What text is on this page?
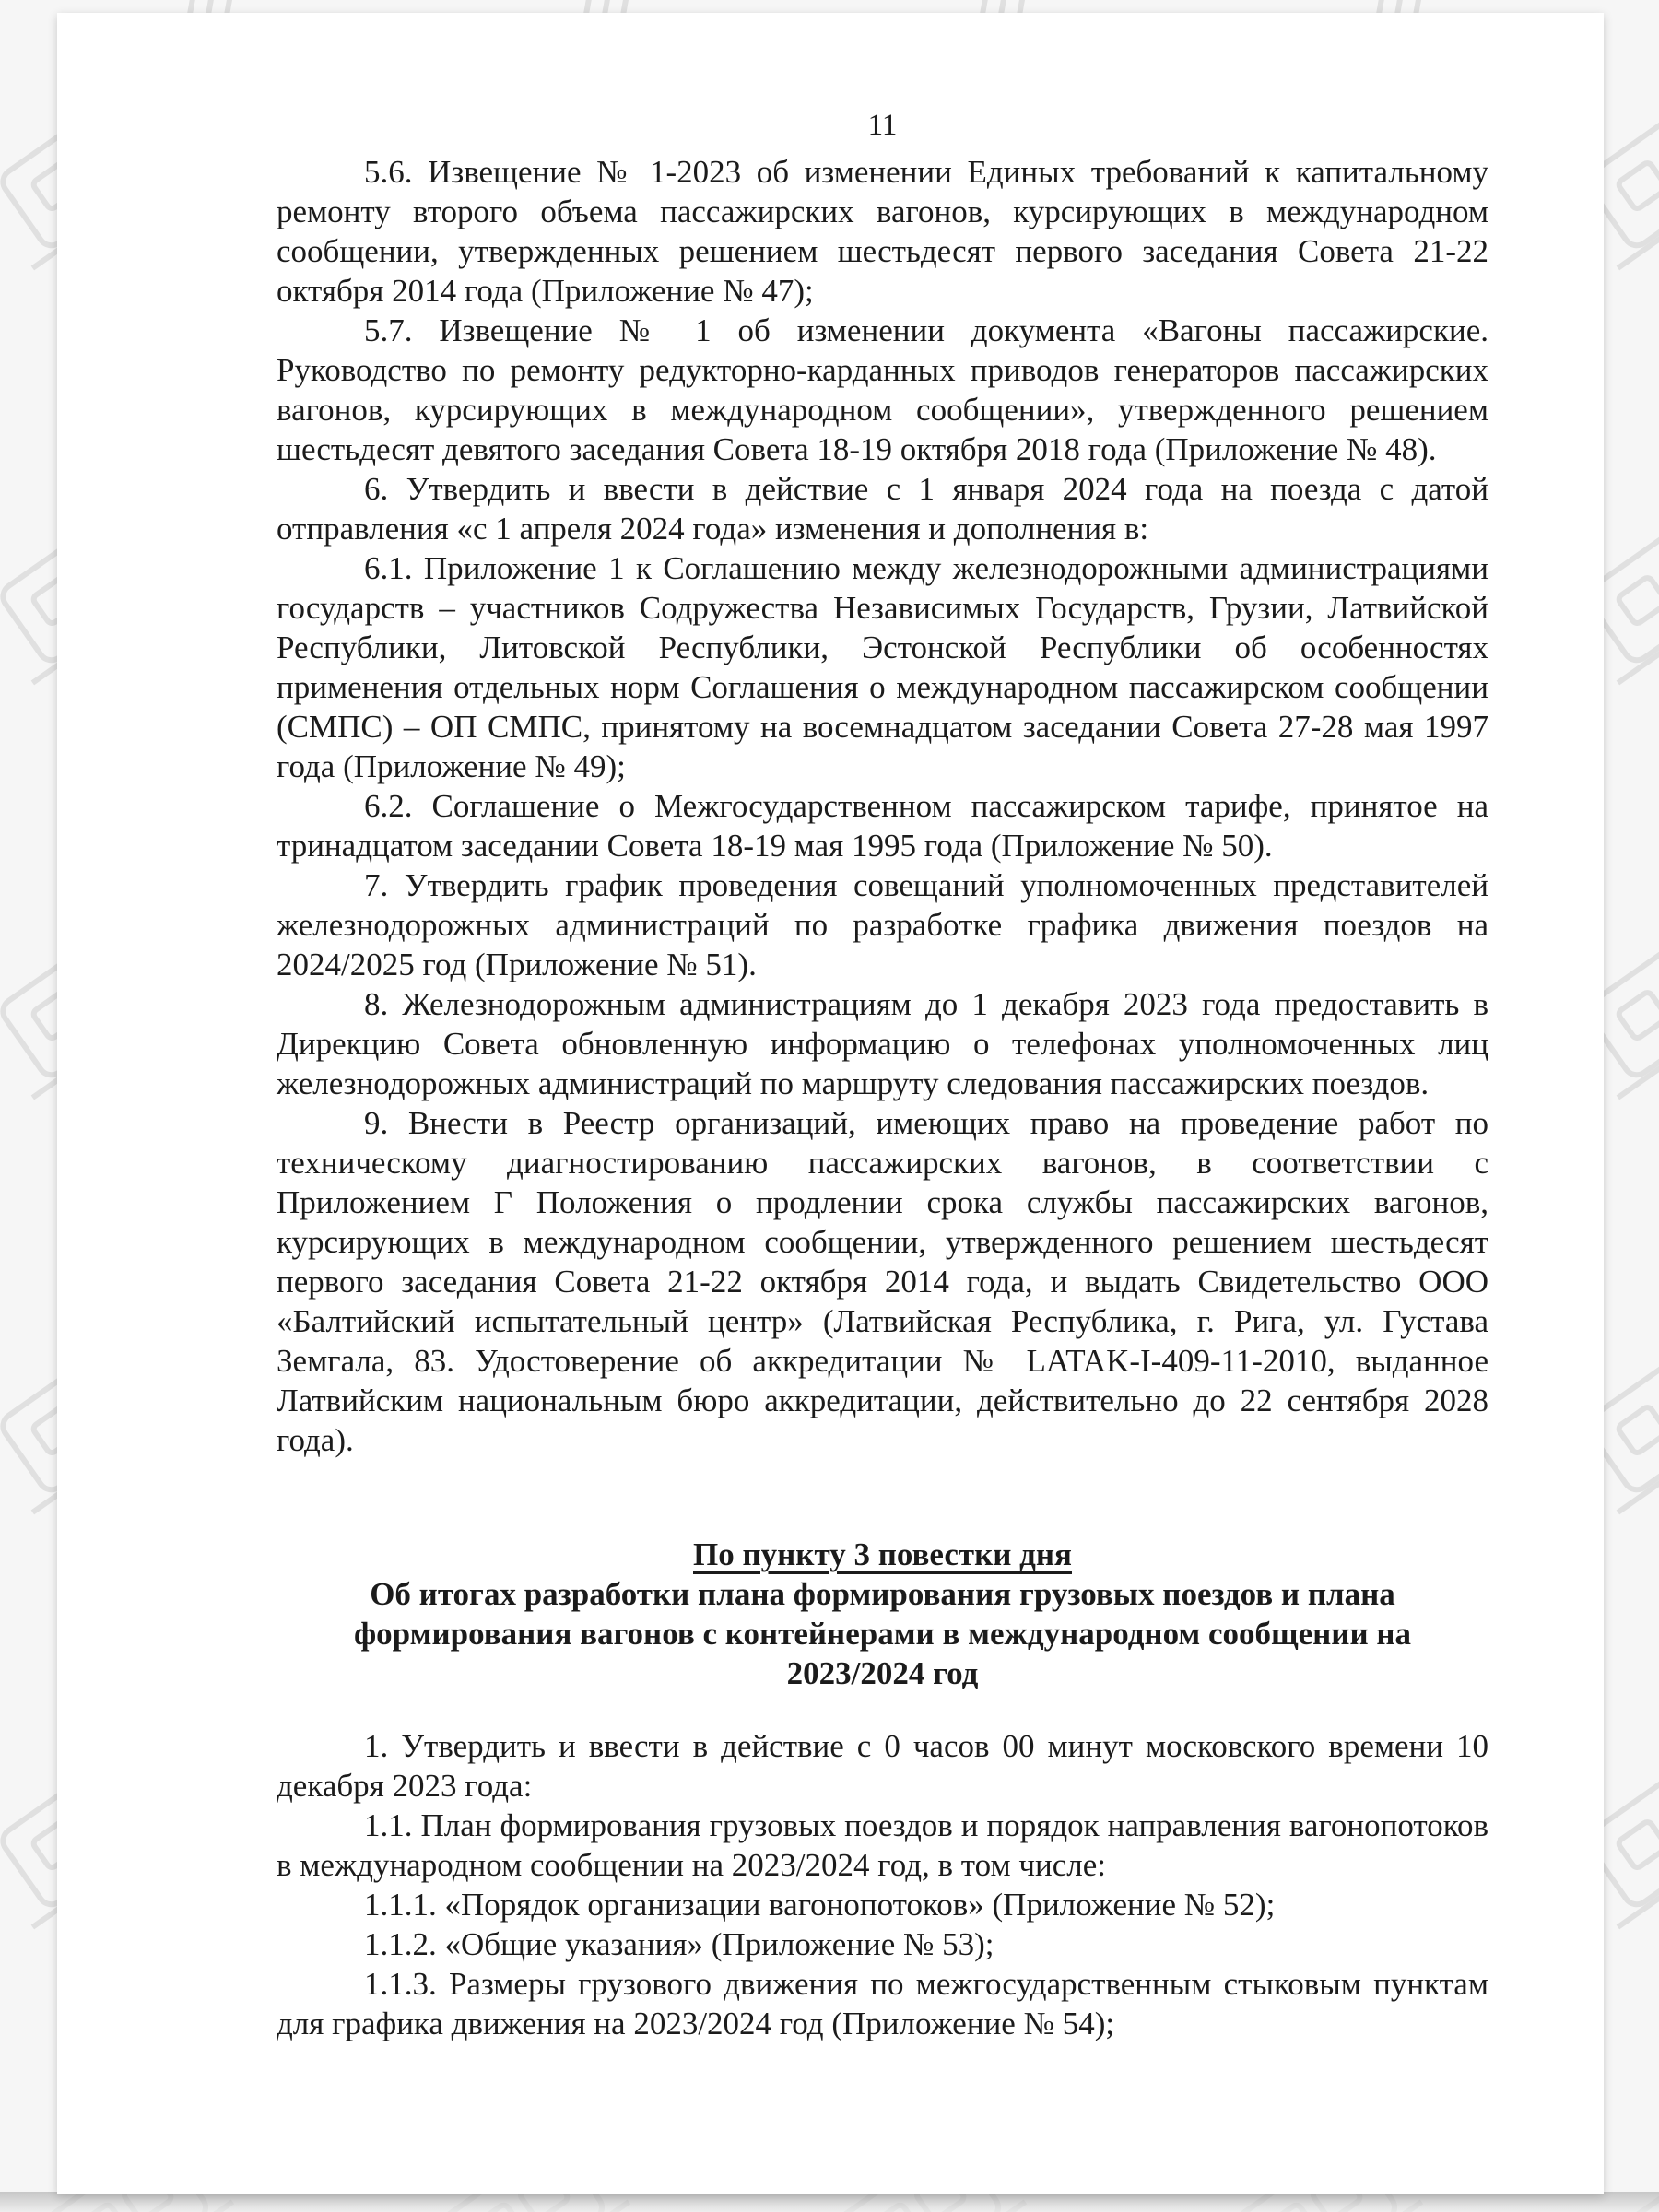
11

5.6. Извещение № 1-2023 об изменении Единых требований к капитальному ремонту второго объема пассажирских вагонов, курсирующих в международном сообщении, утвержденных решением шестьдесят первого заседания Совета 21-22 октября 2014 года (Приложение № 47);

5.7. Извещение № 1 об изменении документа «Вагоны пассажирские. Руководство по ремонту редукторно-карданных приводов генераторов пассажирских вагонов, курсирующих в международном сообщении», утвержденного решением шестьдесят девятого заседания Совета 18-19 октября 2018 года (Приложение № 48).

6. Утвердить и ввести в действие с 1 января 2024 года на поезда с датой отправления «с 1 апреля 2024 года» изменения и дополнения в:

6.1. Приложение 1 к Соглашению между железнодорожными администрациями государств – участников Содружества Независимых Государств, Грузии, Латвийской Республики, Литовской Республики, Эстонской Республики об особенностях применения отдельных норм Соглашения о международном пассажирском сообщении (СМПС) – ОП СМПС, принятому на восемнадцатом заседании Совета 27-28 мая 1997 года (Приложение № 49);

6.2. Соглашение о Межгосударственном пассажирском тарифе, принятое на тринадцатом заседании Совета 18-19 мая 1995 года (Приложение № 50).

7. Утвердить график проведения совещаний уполномоченных представителей железнодорожных администраций по разработке графика движения поездов на 2024/2025 год (Приложение № 51).

8. Железнодорожным администрациям до 1 декабря 2023 года предоставить в Дирекцию Совета обновленную информацию о телефонах уполномоченных лиц железнодорожных администраций по маршруту следования пассажирских поездов.

9. Внести в Реестр организаций, имеющих право на проведение работ по техническому диагностированию пассажирских вагонов, в соответствии с Приложением Г Положения о продлении срока службы пассажирских вагонов, курсирующих в международном сообщении, утвержденного решением шестьдесят первого заседания Совета 21-22 октября 2014 года, и выдать Свидетельство ООО «Балтийский испытательный центр» (Латвийская Республика, г. Рига, ул. Густава Земгала, 83. Удостоверение об аккредитации № LATAK-I-409-11-2010, выданное Латвийским национальным бюро аккредитации, действительно до 22 сентября 2028 года).

По пункту 3 повестки дня
Об итогах разработки плана формирования грузовых поездов и плана формирования вагонов с контейнерами в международном сообщении на 2023/2024 год

1. Утвердить и ввести в действие с 0 часов 00 минут московского времени 10 декабря 2023 года:

1.1. План формирования грузовых поездов и порядок направления вагонопотоков в международном сообщении на 2023/2024 год, в том числе:

1.1.1. «Порядок организации вагонопотоков» (Приложение № 52);

1.1.2. «Общие указания» (Приложение № 53);

1.1.3. Размеры грузового движения по межгосударственным стыковым пунктам для графика движения на 2023/2024 год (Приложение № 54);
